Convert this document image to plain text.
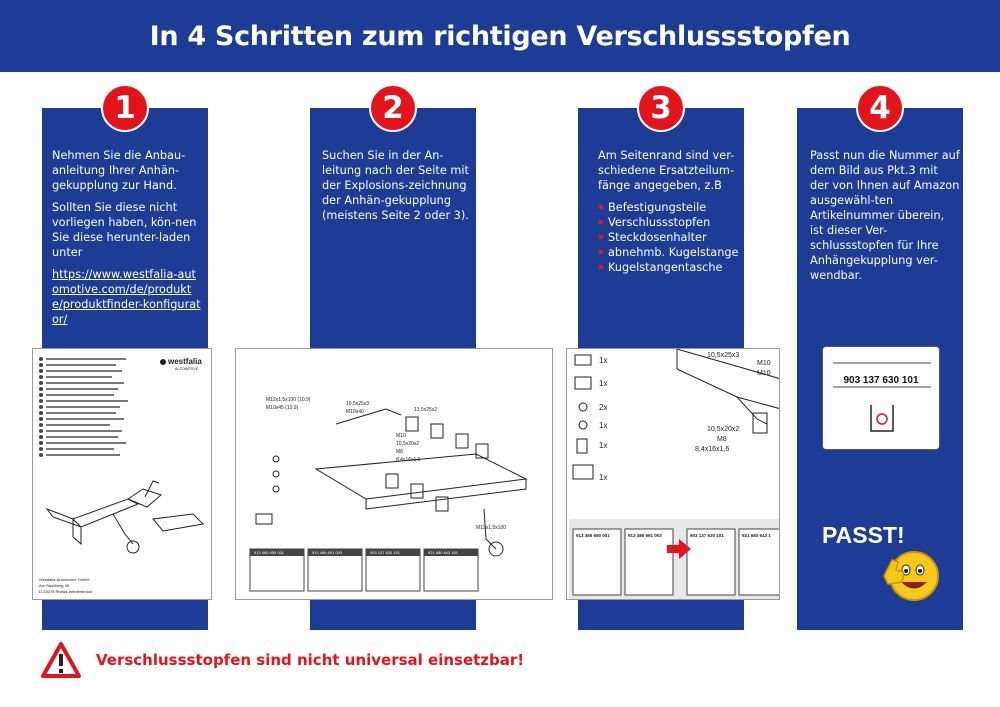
In 4 Schritten zum richtigen Verschlussstopfen
1	2	3	4

Nehmen Sie die Anbau-anleitung Ihrer Anhän-gekupplung zur Hand.

Sollten Sie diese nicht vorliegen haben, kön-nen Sie diese herunter-laden unter

https://www.westfalia-automotive.com/de/produkte/produktfinder-konfigurator/

Suchen Sie in der An-leitung nach der Seite mit der Explosions-zeichnung der Anhän-gekupplung (meistens Seite 2 oder 3).

Am Seitenrand sind ver-schiedene Ersatzteilum-fänge angegeben, z.B

Befestigungsteile
Verschlussstopfen
Steckdosenhalter
abnehmb. Kugelstange
Kugelstangentasche

Passt nun die Nummer auf dem Bild aus Pkt.3 mit der von Ihnen auf Amazon ausgewähl-ten Artikelnummer überein, ist dieser Ver-schlussstopfen für Ihre Anhängekupplung ver-wendbar.

westfalia
AUTOMOTIVE
Westfalia-Automotive GmbH
Am Sandberg 45
D-33378 Rheda-Wiedenbrück
M12x1,5x100 (10.9)
M10x45 (10.9)
10,5x25x3
M10x40	13,5x25x2
M10
10,5x20x2
M8
8,4x16x1,6
M12x1,5x100
913 465 650 001	913 466 691 003	903 137 630 101	921 680 643 101
1x
1x
2x
1x
1x
1x
10,5x25x3
M10
M10
10,5x20x2
M8
8,4x16x1,6
913 465 650 001	913 486 691 003	903 137 630 101	921 680 643 1
903 137 630 101
PASST!
Verschlussstopfen sind nicht universal einsetzbar!
